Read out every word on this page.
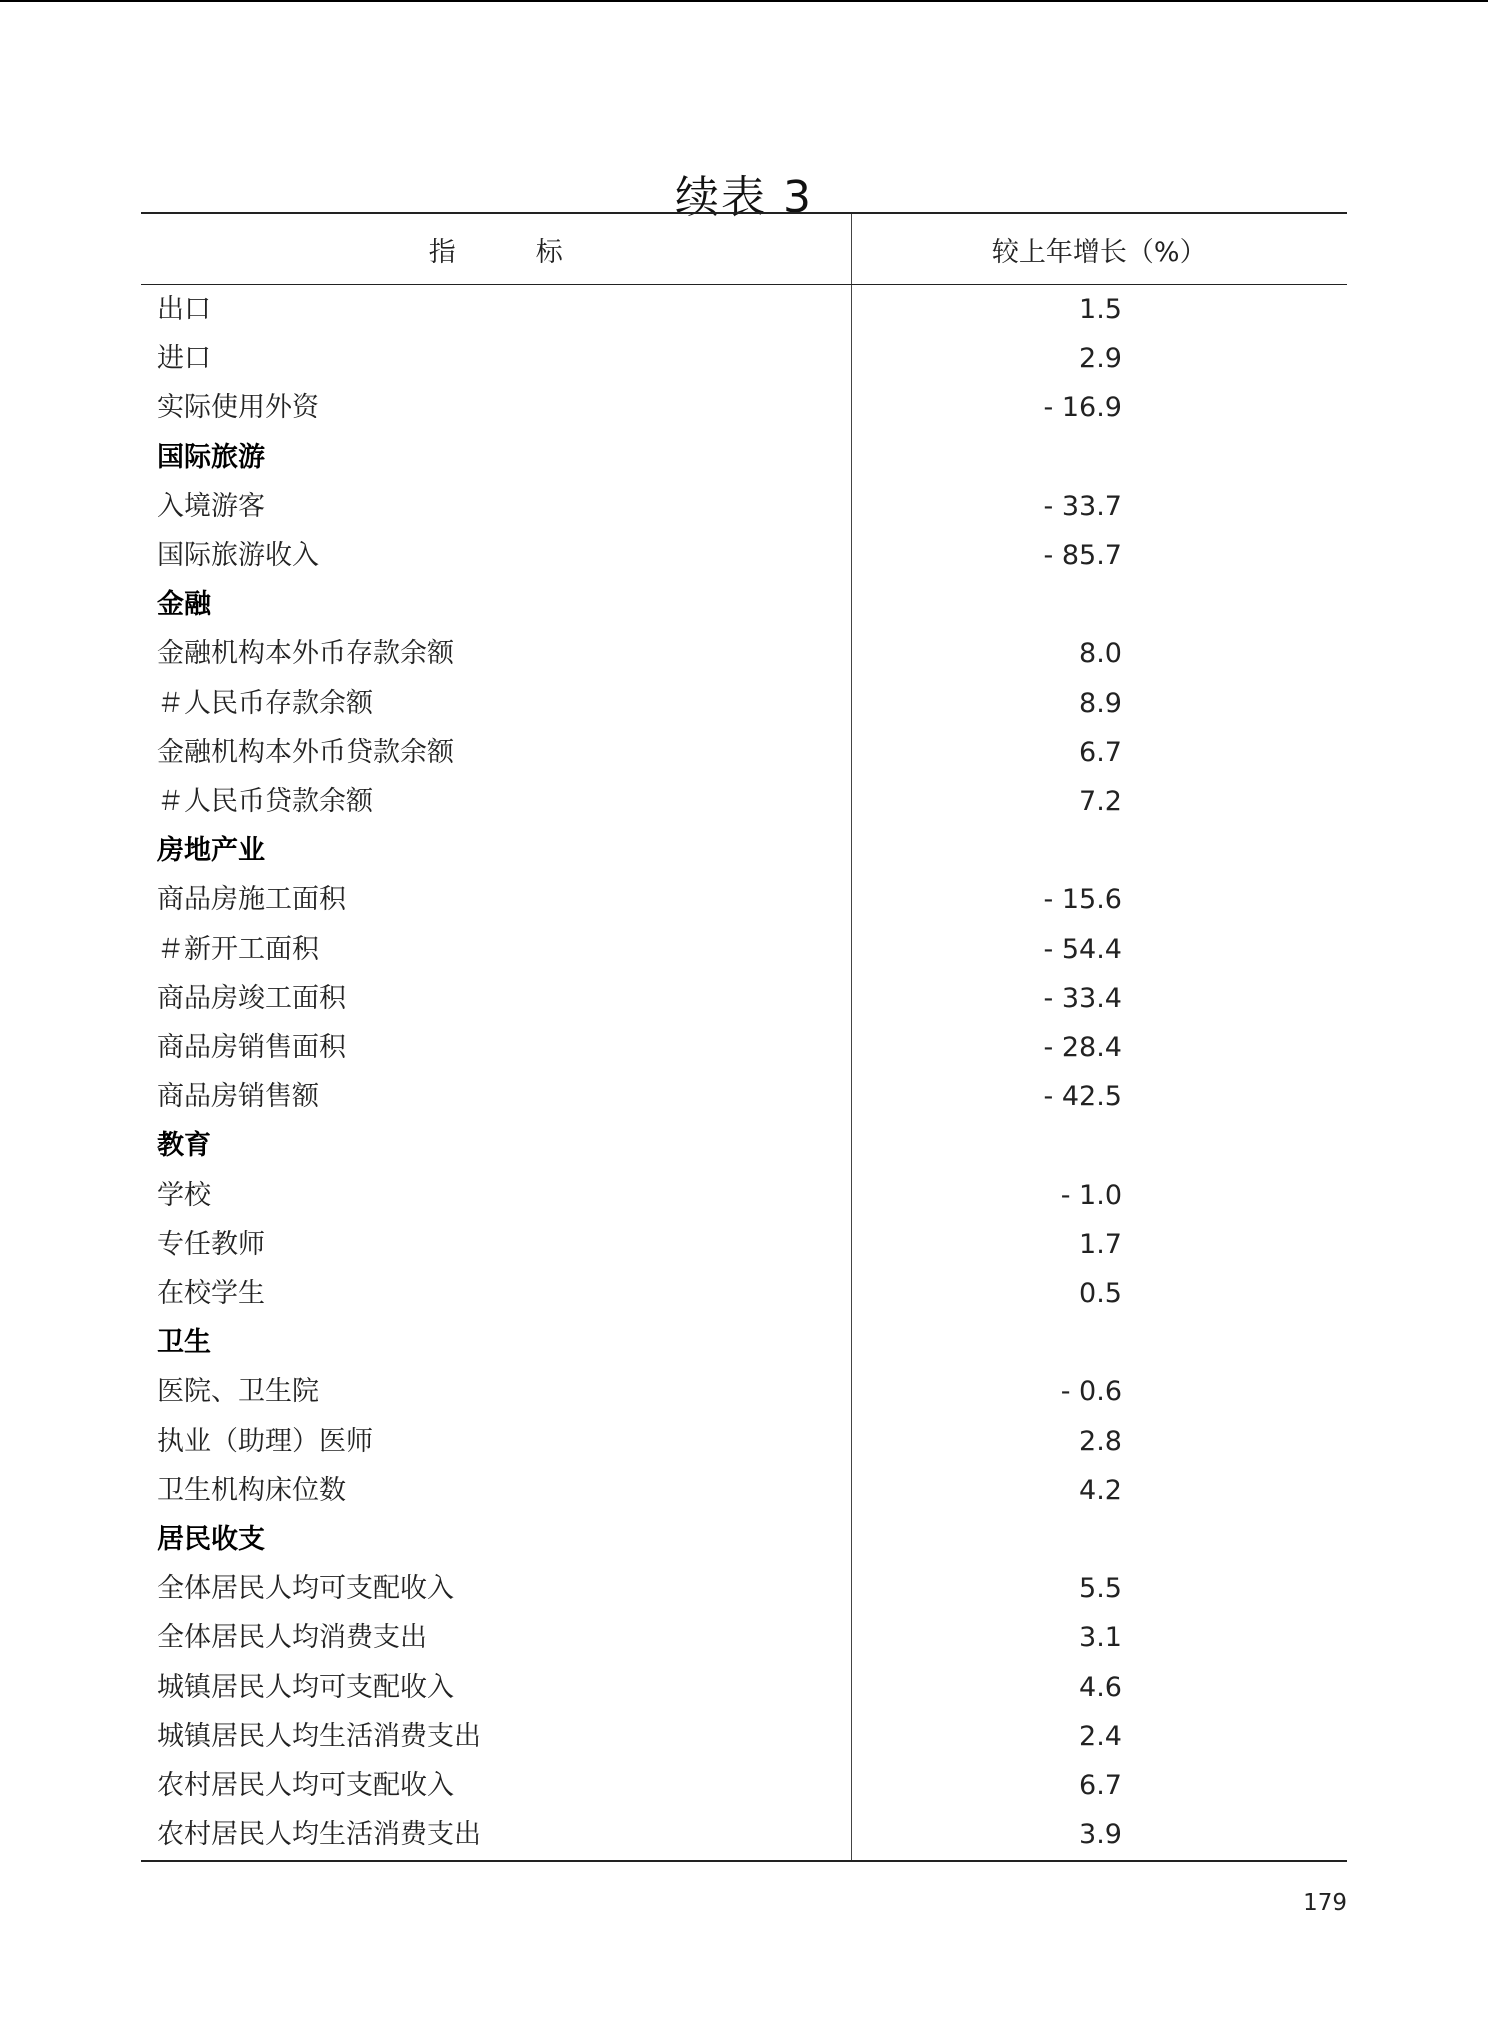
续表 3
指 标	较上年增长（%）
出口	1.5
进口	2.9
实际使用外资	- 16.9
国际旅游	
入境游客	- 33.7
国际旅游收入	- 85.7
金融	
金融机构本外币存款余额	8.0
＃人民币存款余额	8.9
金融机构本外币贷款余额	6.7
＃人民币贷款余额	7.2
房地产业	
商品房施工面积	- 15.6
＃新开工面积	- 54.4
商品房竣工面积	- 33.4
商品房销售面积	- 28.4
商品房销售额	- 42.5
教育	
学校	- 1.0
专任教师	1.7
在校学生	0.5
卫生	
医院、卫生院	- 0.6
执业（助理）医师	2.8
卫生机构床位数	4.2
居民收支	
全体居民人均可支配收入	5.5
全体居民人均消费支出	3.1
城镇居民人均可支配收入	4.6
城镇居民人均生活消费支出	2.4
农村居民人均可支配收入	6.7
农村居民人均生活消费支出	3.9
179
